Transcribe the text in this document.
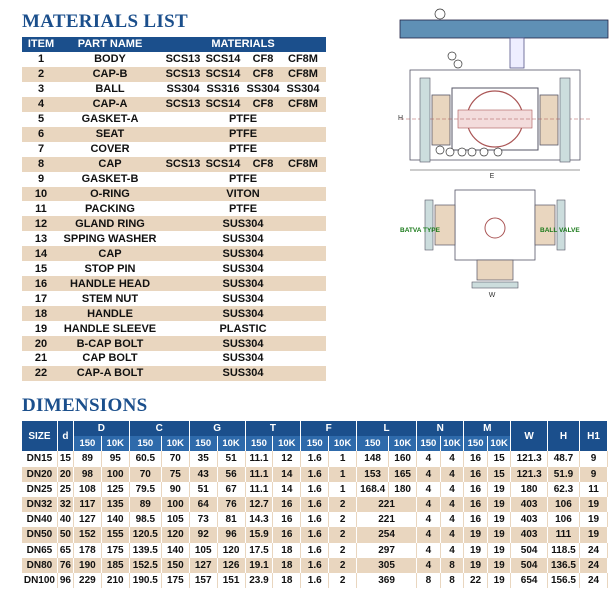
MATERIALS LIST
ITEM	PART NAME	MATERIALS
1	BODY	SCS13 SCS14 CF8 CF8M

2	CAP-B	SCS13 SCS14 CF8 CF8M

3	BALL	SS304 SS316 SS304 SS304

4	CAP-A	SCS13 SCS14 CF8 CF8M

5	GASKET-A	PTFE

6	SEAT	PTFE

7	COVER	PTFE

8	CAP	SCS13 SCS14 CF8 CF8M

9	GASKET-B	PTFE

10	O-RING	VITON

11	PACKING	PTFE

12	GLAND RING	SUS304

13	SPPING WASHER	SUS304

14	CAP	SUS304

15	STOP PIN	SUS304

16	HANDLE HEAD	SUS304

17	STEM NUT	SUS304

18	HANDLE	SUS304

19	HANDLE SLEEVE	PLASTIC

20	B-CAP BOLT	SUS304

21	CAP BOLT	SUS304

22	CAP-A BOLT	SUS304
E
H
BATVA TYPE	BALL VALVE
W
DIMENSIONS
SIZE	d	D		C		G		T		F		L		N		M		W	H	H1
		150	10K	150	10K	150	10K	150	10K	150	10K	150	10K	150	10K	150	10K			
DN15	15	89	95	60.5	70	35	51	11.1	12	1.6	1	148	160	4	4	16	15	121.3	48.7	9
DN20	20	98	100	70	75	43	56	11.1	14	1.6	1	153	165	4	4	16	15	121.3	51.9	9
DN25	25	108	125	79.5	90	51	67	11.1	14	1.6	1	168.4	180	4	4	16	19	180	62.3	11
DN32	32	117	135	89	100	64	76	12.7	16	1.6	2	221		4	4	16	19	403	106	19
DN40	40	127	140	98.5	105	73	81	14.3	16	1.6	2	221		4	4	16	19	403	106	19
DN50	50	152	155	120.5	120	92	96	15.9	16	1.6	2	254		4	4	19	19	403	111	19
DN65	65	178	175	139.5	140	105	120	17.5	18	1.6	2	297		4	4	19	19	504	118.5	24
DN80	76	190	185	152.5	150	127	126	19.1	18	1.6	2	305		4	8	19	19	504	136.5	24
DN100	96	229	210	190.5	175	157	151	23.9	18	1.6	2	369		8	8	22	19	654	156.5	24
